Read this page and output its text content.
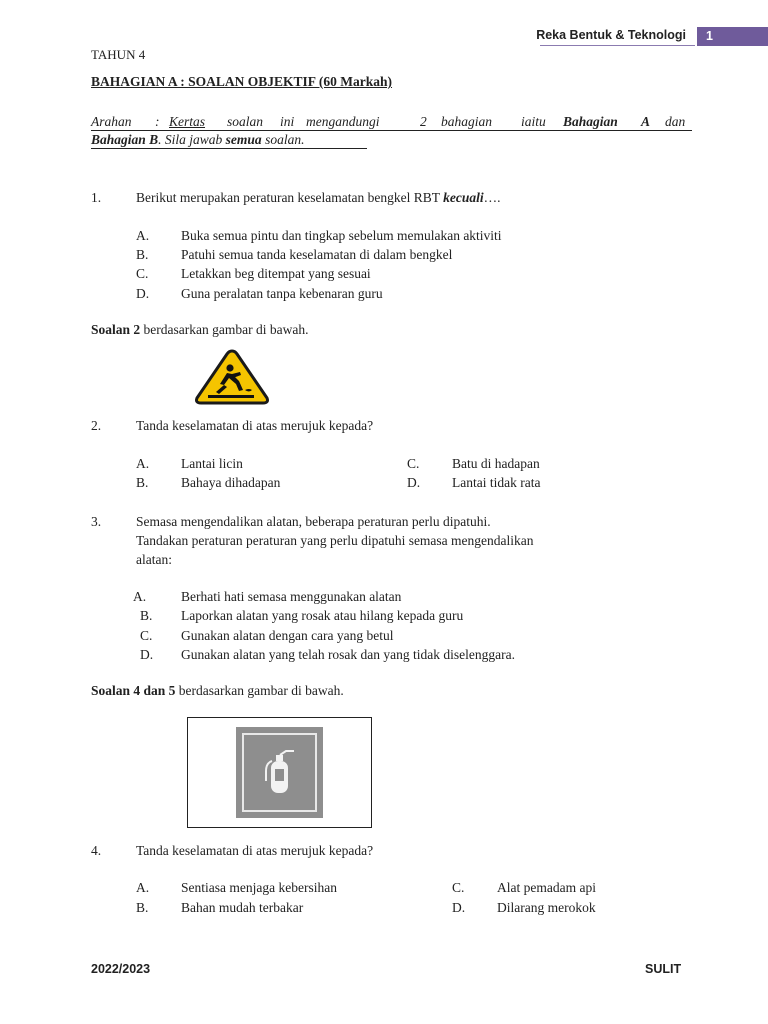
Reka Bentuk & Teknologi 1
TAHUN 4
BAHAGIAN A : SOALAN OBJEKTIF (60 Markah)
Arahan : Kertas soalan ini mengandungi	2 bahagian iaitu Bahagian A dan
Bahagian B. Sila jawab semua soalan.
1.	Berikut merupakan peraturan keselamatan bengkel RBT kecuali….
A. Buka semua pintu dan tingkap sebelum memulakan aktiviti
B. Patuhi semua tanda keselamatan di dalam bengkel
C. Letakkan beg ditempat yang sesuai
D. Guna peralatan tanpa kebenaran guru
Soalan 2 berdasarkan gambar di bawah.
2.	Tanda keselamatan di atas merujuk kepada?
A. Lantai licin	C. Batu di hadapan
B. Bahaya dihadapan	D. Lantai tidak rata
3.	Semasa mengendalikan alatan, beberapa peraturan perlu dipatuhi.
Tandakan peraturan peraturan yang perlu dipatuhi semasa mengendalikan
alatan:
A.	Berhati hati semasa menggunakan alatan
B. Laporkan alatan yang rosak atau hilang kepada guru
C. Gunakan alatan dengan cara yang betul
D. Gunakan alatan yang telah rosak dan yang tidak diselenggara.
Soalan 4 dan 5 berdasarkan gambar di bawah.
4.	Tanda keselamatan di atas merujuk kepada?
A. Sentiasa menjaga kebersihan	C. Alat pemadam api
B. Bahan mudah terbakar	D. Dilarang merokok
2022/2023	SULIT
